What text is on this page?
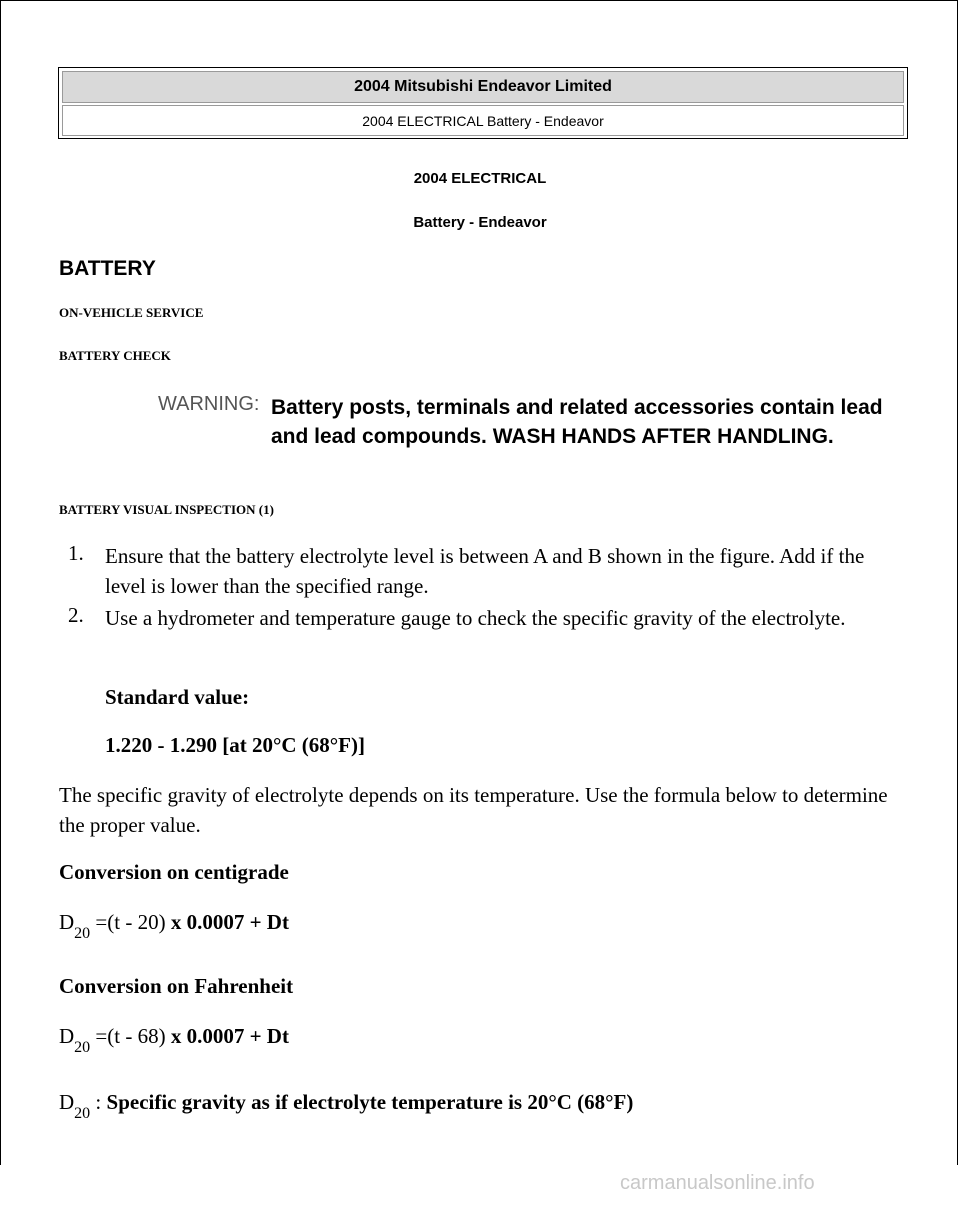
2004 Mitsubishi Endeavor Limited
2004 ELECTRICAL Battery - Endeavor
2004 ELECTRICAL
Battery - Endeavor
BATTERY
ON-VEHICLE SERVICE
BATTERY CHECK
WARNING: Battery posts, terminals and related accessories contain lead and lead compounds. WASH HANDS AFTER HANDLING.
BATTERY VISUAL INSPECTION (1)
1. Ensure that the battery electrolyte level is between A and B shown in the figure. Add if the level is lower than the specified range.
2. Use a hydrometer and temperature gauge to check the specific gravity of the electrolyte.
Standard value:
1.220 - 1.290 [at 20°C (68°F)]
The specific gravity of electrolyte depends on its temperature. Use the formula below to determine the proper value.
Conversion on centigrade
$D_{20} =(t - 20)$ x 0.0007 + Dt
Conversion on Fahrenheit
$D_{20} =(t - 68)$ x 0.0007 + Dt
$D_{20}$ : Specific gravity as if electrolyte temperature is 20°C (68°F)
carmanualsonline.info
